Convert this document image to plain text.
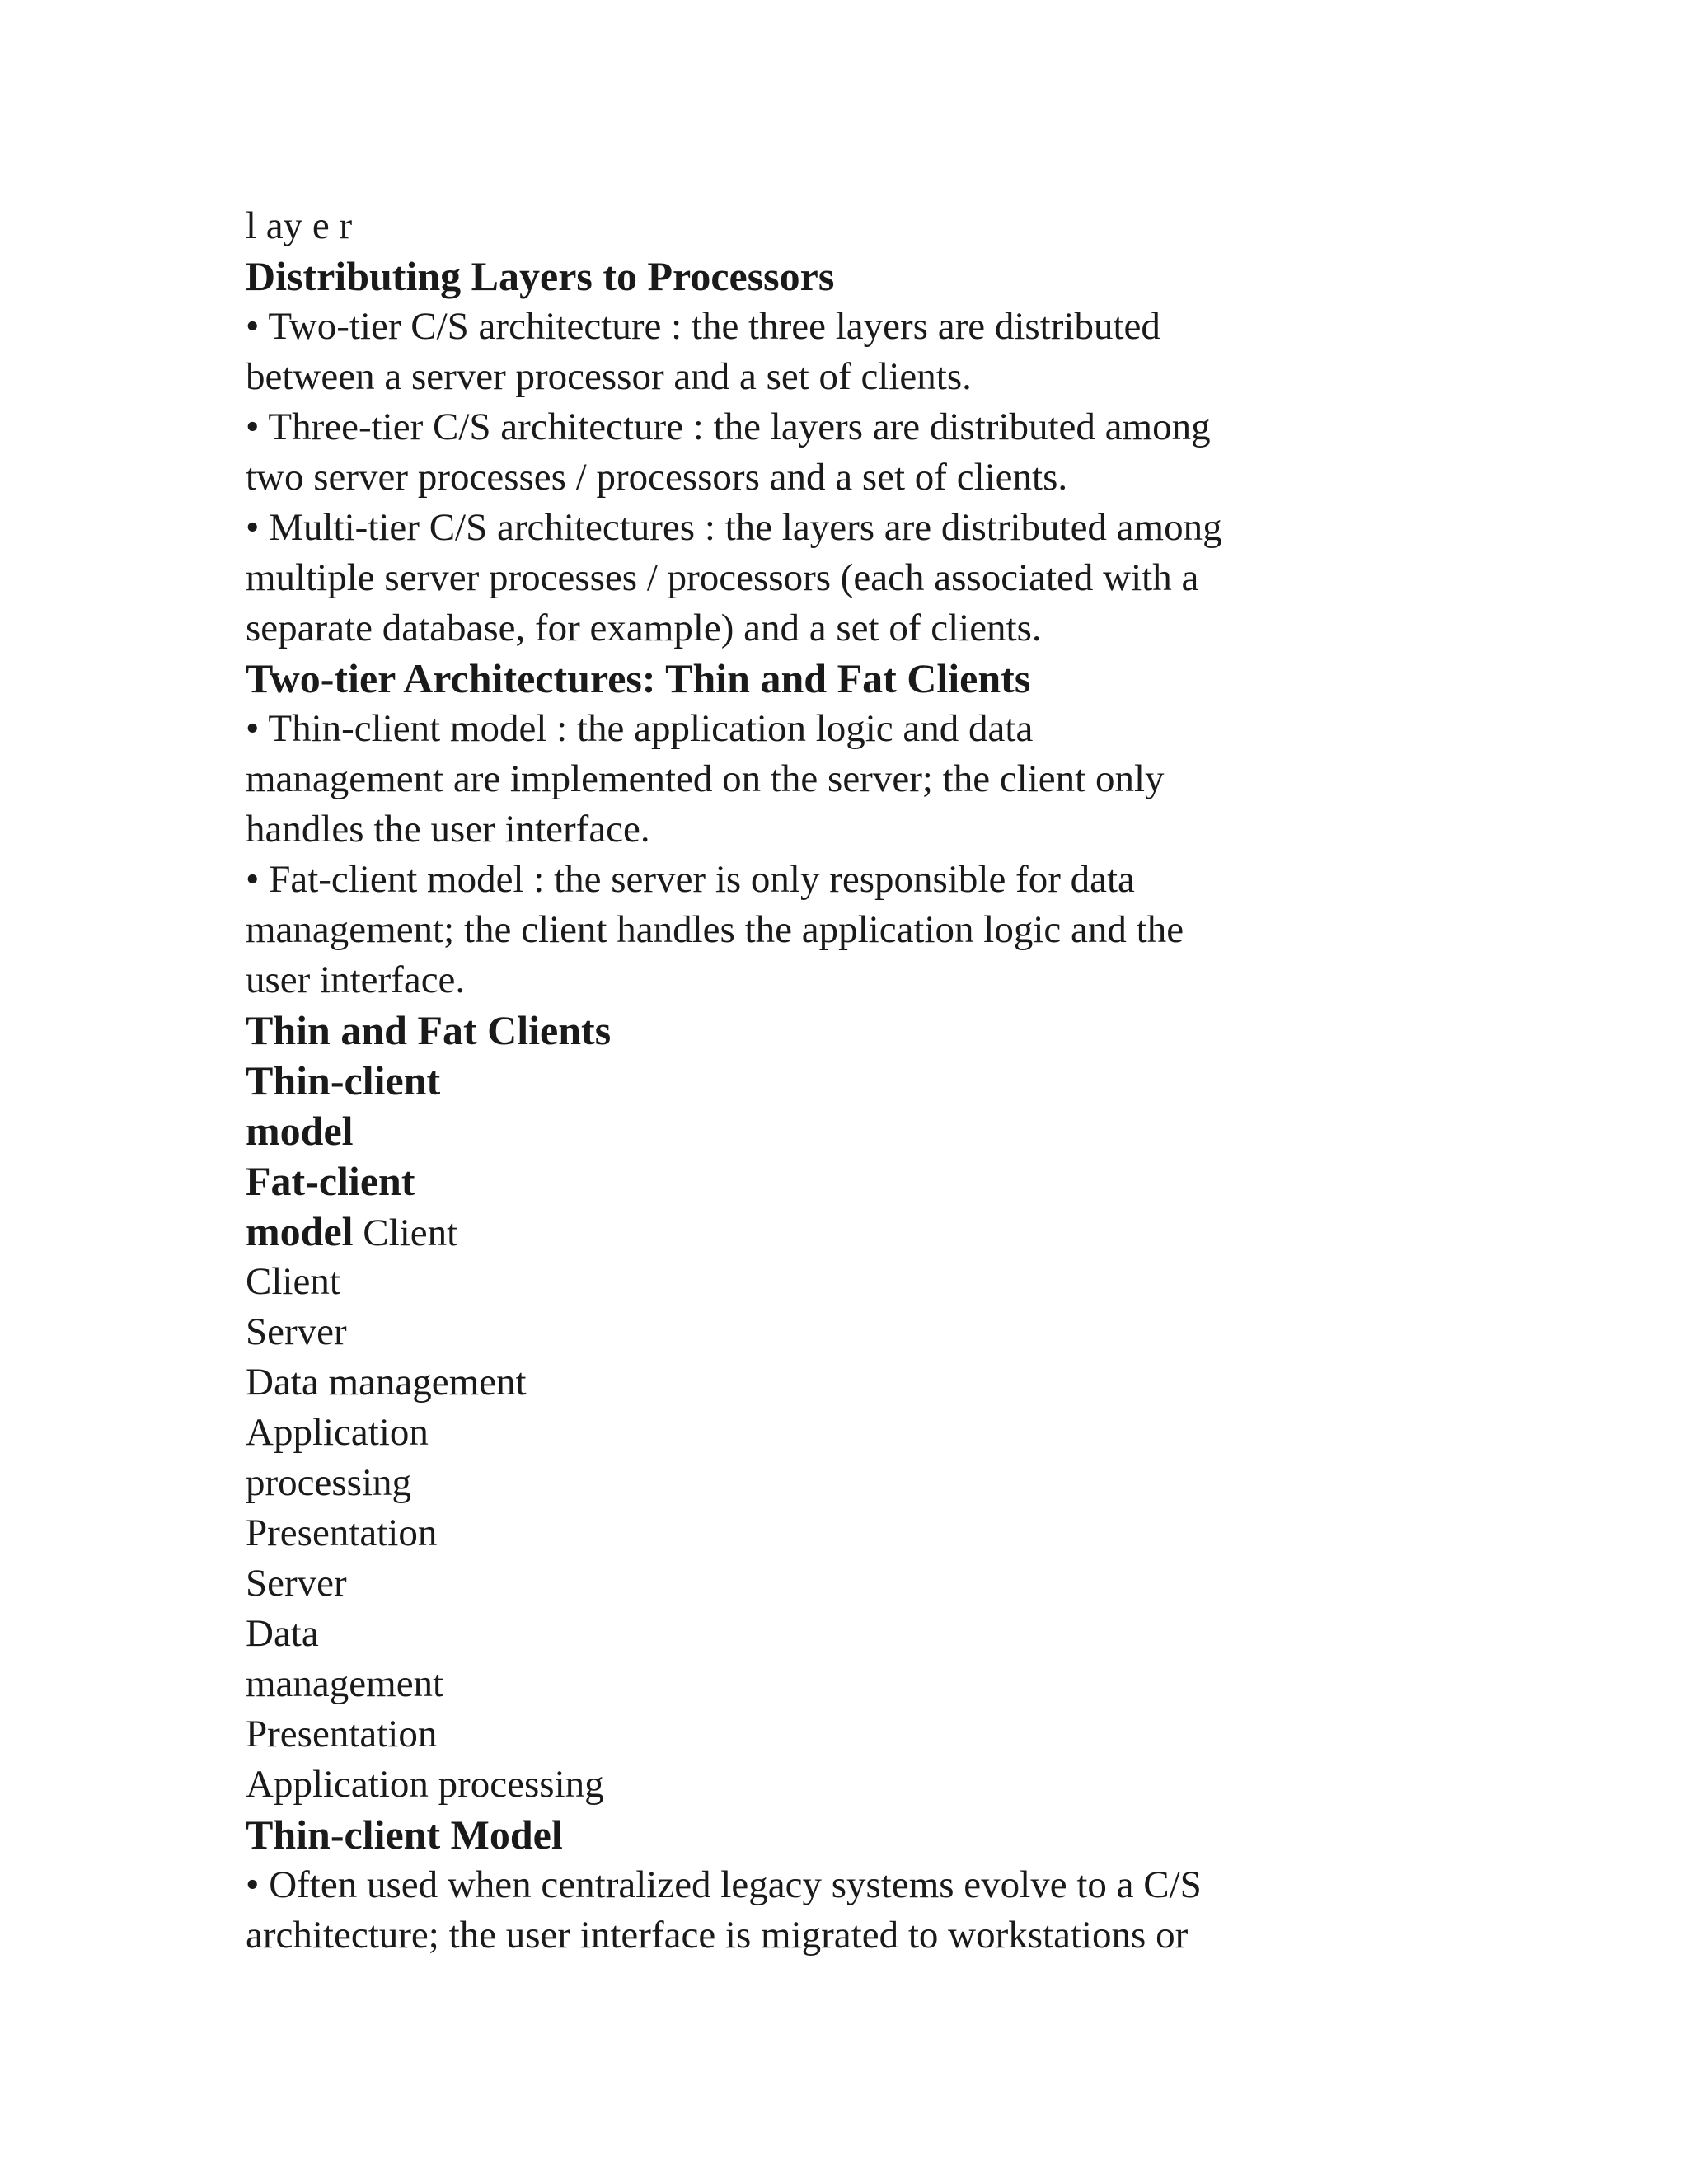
l ay e r
Distributing Layers to Processors
• Two-tier C/S architecture : the three layers are distributed
between a server processor and a set of clients.
• Three-tier C/S architecture : the layers are distributed among
two server processes / processors and a set of clients.
• Multi-tier C/S architectures : the layers are distributed among
multiple server processes / processors (each associated with a
separate database, for example) and a set of clients.
Two-tier Architectures: Thin and Fat Clients
• Thin-client model : the application logic and data
management are implemented on the server; the client only
handles the user interface.
• Fat-client model : the server is only responsible for data
management; the client handles the application logic and the
user interface.
Thin and Fat Clients
Thin-client
model
Fat-client
model Client
Client
Server
Data management
Application
processing
Presentation
Server
Data
management
Presentation
Application processing
Thin-client Model
• Often used when centralized legacy systems evolve to a C/S
architecture; the user interface is migrated to workstations or
